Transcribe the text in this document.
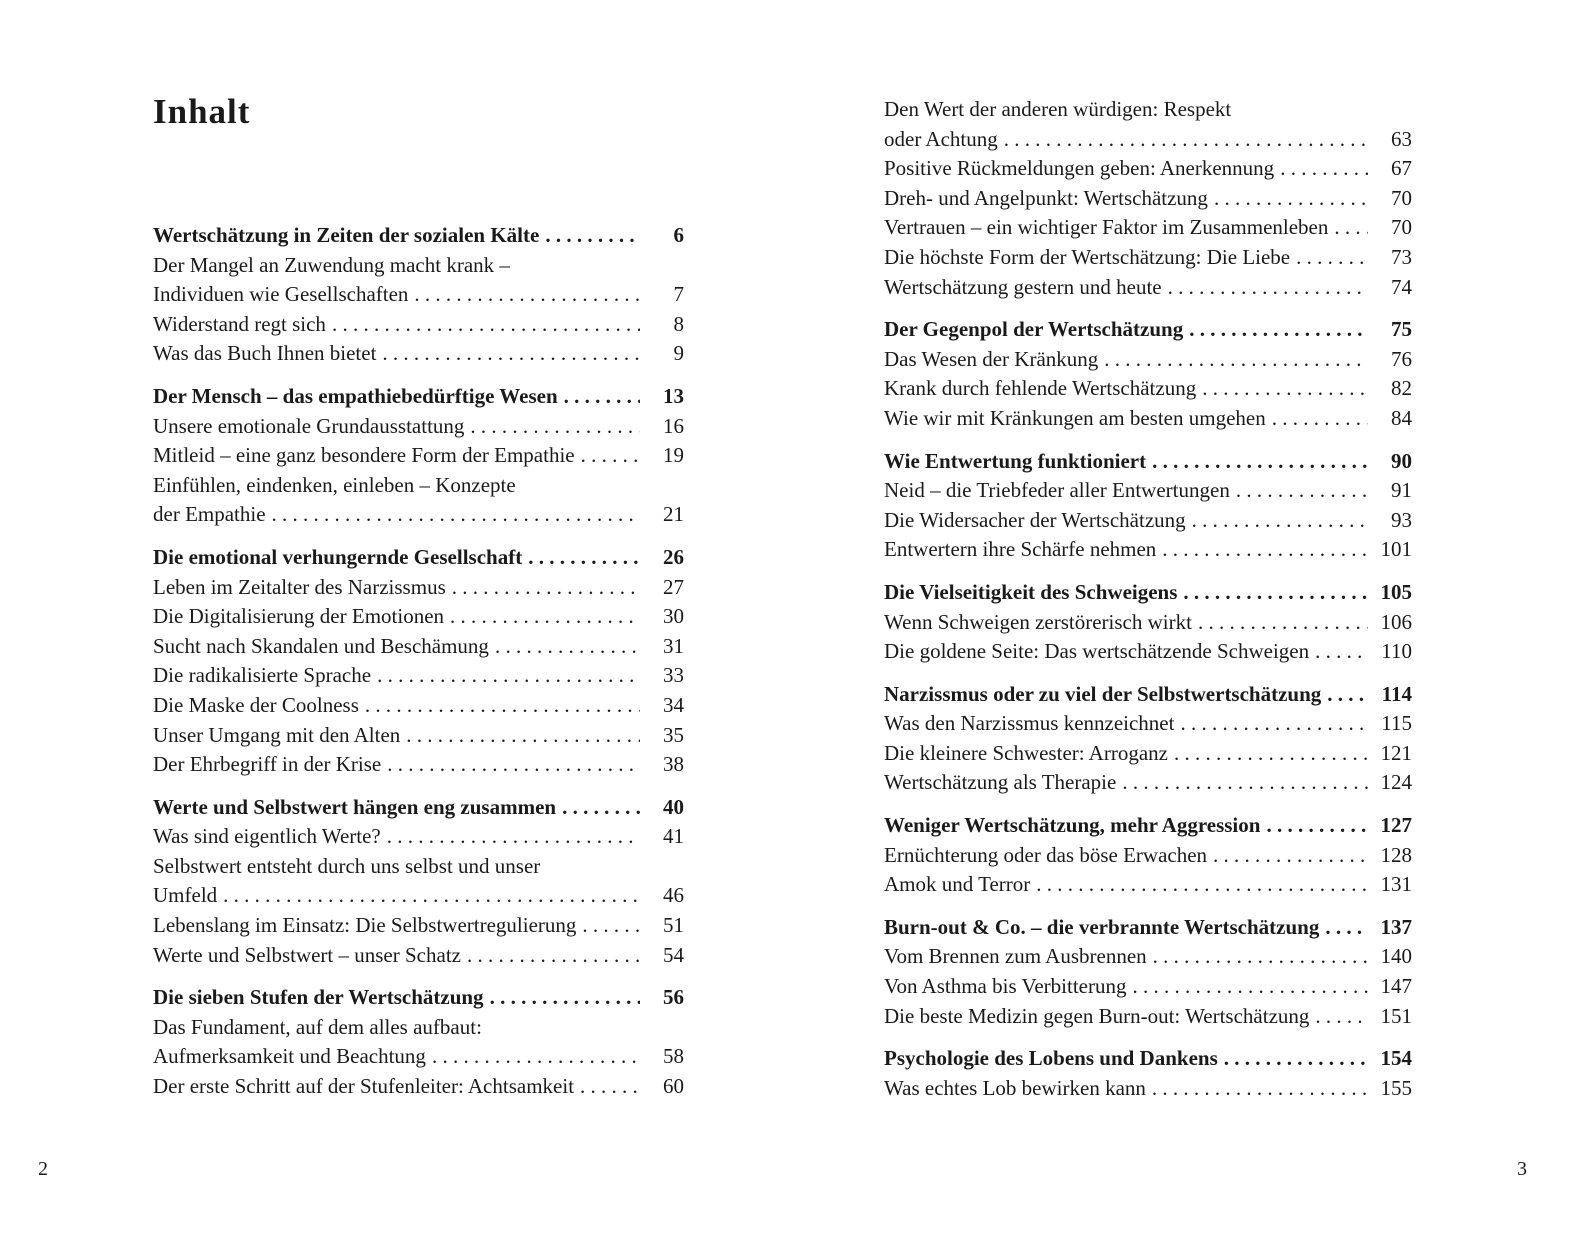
Inhalt
Wertschätzung in Zeiten der sozialen Kälte . . .	6
Der Mangel an Zuwendung macht krank –
Individuen wie Gesellschaften . . .	7
Widerstand regt sich . . .	8
Was das Buch Ihnen bietet . . .	9
Der Mensch – das empathiebedürftige Wesen . . .	13
Unsere emotionale Grundausstattung . . .	16
Mitleid – eine ganz besondere Form der Empathie . . .	19
Einfühlen, eindenken, einleben – Konzepte
der Empathie . . .	21
Die emotional verhungernde Gesellschaft . . .	26
Leben im Zeitalter des Narzissmus . . .	27
Die Digitalisierung der Emotionen . . .	30
Sucht nach Skandalen und Beschämung . . .	31
Die radikalisierte Sprache . . .	33
Die Maske der Coolness . . .	34
Unser Umgang mit den Alten . . .	35
Der Ehrbegriff in der Krise . . .	38
Werte und Selbstwert hängen eng zusammen . . .	40
Was sind eigentlich Werte? . . .	41
Selbstwert entsteht durch uns selbst und unser
Umfeld . . .	46
Lebenslang im Einsatz: Die Selbstwertregulierung . . .	51
Werte und Selbstwert – unser Schatz . . .	54
Die sieben Stufen der Wertschätzung . . .	56
Das Fundament, auf dem alles aufbaut:
Aufmerksamkeit und Beachtung . . .	58
Der erste Schritt auf der Stufenleiter: Achtsamkeit . . .	60
2
Den Wert der anderen würdigen: Respekt
oder Achtung . . .	63
Positive Rückmeldungen geben: Anerkennung . . .	67
Dreh- und Angelpunkt: Wertschätzung . . .	70
Vertrauen – ein wichtiger Faktor im Zusammenleben . . .	70
Die höchste Form der Wertschätzung: Die Liebe . . .	73
Wertschätzung gestern und heute . . .	74
Der Gegenpol der Wertschätzung . . .	75
Das Wesen der Kränkung . . .	76
Krank durch fehlende Wertschätzung . . .	82
Wie wir mit Kränkungen am besten umgehen . . .	84
Wie Entwertung funktioniert . . .	90
Neid – die Triebfeder aller Entwertungen . . .	91
Die Widersacher der Wertschätzung . . .	93
Entwertern ihre Schärfe nehmen . . .	101
Die Vielseitigkeit des Schweigens . . .	105
Wenn Schweigen zerstörerisch wirkt . . .	106
Die goldene Seite: Das wertschätzende Schweigen . . .	110
Narzissmus oder zu viel der Selbstwertschätzung . . .	114
Was den Narzissmus kennzeichnet . . .	115
Die kleinere Schwester: Arroganz . . .	121
Wertschätzung als Therapie . . .	124
Weniger Wertschätzung, mehr Aggression . . .	127
Ernüchterung oder das böse Erwachen . . .	128
Amok und Terror . . .	131
Burn-out & Co. – die verbrannte Wertschätzung . . .	137
Vom Brennen zum Ausbrennen . . .	140
Von Asthma bis Verbitterung . . .	147
Die beste Medizin gegen Burn-out: Wertschätzung . . .	151
Psychologie des Lobens und Dankens . . .	154
Was echtes Lob bewirken kann . . .	155
3
